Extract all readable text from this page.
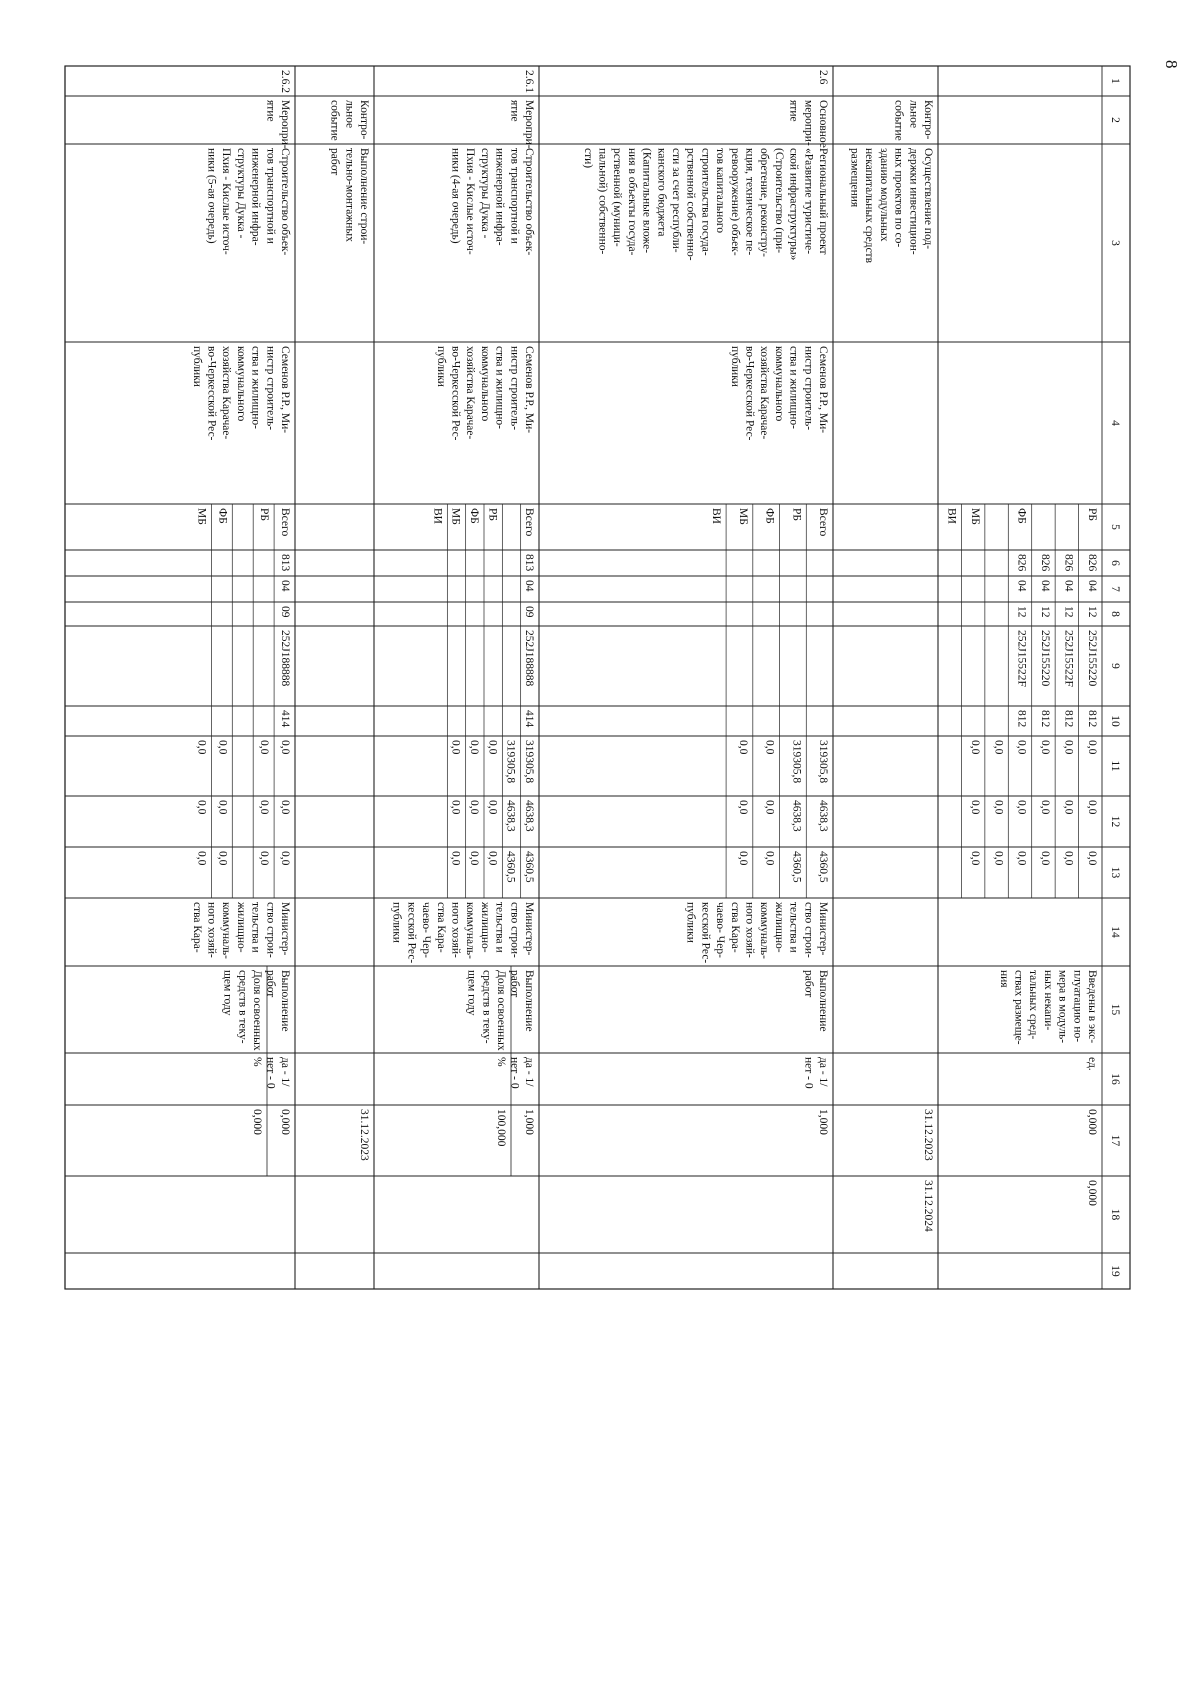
8
1
2
3
4
5
6
7
8
9
10
11
12
13
14
15
16
17
18
19
РБ
ФБ
МБ
ВИ
Всего
РБ
ФБ
МБ
ВИ
Всего
РБ
ФБ
МБ
ВИ
Всего
РБ
ФБ
МБ
826
826
826
826
04
04
04
04
12
12
12
12
252J155220
252J15522F
252J155220
252J15522F
812
812
812
812
0,0
0,0
0,0
0,0
0,0
0,0
0,0
0,0
0,0
0,0
0,0
0,0
0,0
0,0
0,0
0,0
0,0
0,0
Введены в экс-
плуатацию но-
мера в модуль-
ных некапи-
тальных сред-
ствах размеще-
ния
ед.
0,000
0,000
Контро-
льное
событие
Осуществление под-
держки инвестицион-
ных проектов по со-
зданию модульных
некапитальных средств
размещения
31.12.2023
31.12.2024
2.6
Основное
меропри-
ятие
Региональный проект
«Развитие туристиче-
ской инфраструктуры»
(Строительство (при-
обретение, реконстру-
кция, техническое пе-
ревооружение) объек-
тов капитального
строительства госуда-
рственной собственно-
сти за счет республи-
канского бюджета
(Капитальные вложе-
ния в объекты госуда-
рственной (муници-
пальной) собственно-
сти)
Семенов Р.Р., Ми-
нистр строитель-
ства и жилищно-
коммунального
хозяйства Карачае-
во-Черкесской Рес-
публики
319305,8
319305,8
0,0
0,0
4638,3
4638,3
0,0
0,0
4360,5
4360,5
0,0
0,0
Министер-
ство строи-
тельства и
жилищно-
коммуналь-
ного хозяй-
ства Кара-
чаево- Чер-
кесской Рес-
публики
Выполнение
работ
да - 1/
нет - 0
1,000
2.6.1
Меропри-
ятие
Строительство объек-
тов транспортной и
инженерной инфра-
структуры Дукка -
Пхия - Кислые источ-
ники (4-ая очередь)
Семенов Р.Р., Ми-
нистр строитель-
ства и жилищно-
коммунального
хозяйства Карачае-
во-Черкесской Рес-
публики
813
04
09
252J188888
414
319305,8
319305,8
0,0
0,0
0,0
4638,3
4638,3
0,0
0,0
0,0
4360,5
4360,5
0,0
0,0
0,0
Министер-
ство строи-
тельства и
жилищно-
коммуналь-
ного хозяй-
ства Кара-
чаево- Чер-
кесской Рес-
публики
Выполнение
работ
Доля освоенных
средств в теку-
щем году
да - 1/
нет - 0
%
1,000
100,000
Контро-
льное
событие
Выполнение строи-
тельно-монтажных
работ
31.12.2023
2.6.2
Меропри-
ятие
Строительство объек-
тов транспортной и
инженерной инфра-
структуры Дукка -
Пхия - Кислые источ-
ники (5-ая очередь)
Семенов Р.Р., Ми-
нистр строитель-
ства и жилищно-
коммунального
хозяйства Карачае-
во-Черкесской Рес-
публики
813
04
09
252J188888
414
0,0
0,0
0,0
0,0
0,0
0,0
0,0
0,0
0,0
0,0
0,0
0,0
Министер-
ство строи-
тельства и
жилищно-
коммуналь-
ного хозяй-
ства Кара-
Выполнение
работ
Доля освоенных
средств в теку-
щем году
да - 1/
нет - 0
%
0,000
0,000
